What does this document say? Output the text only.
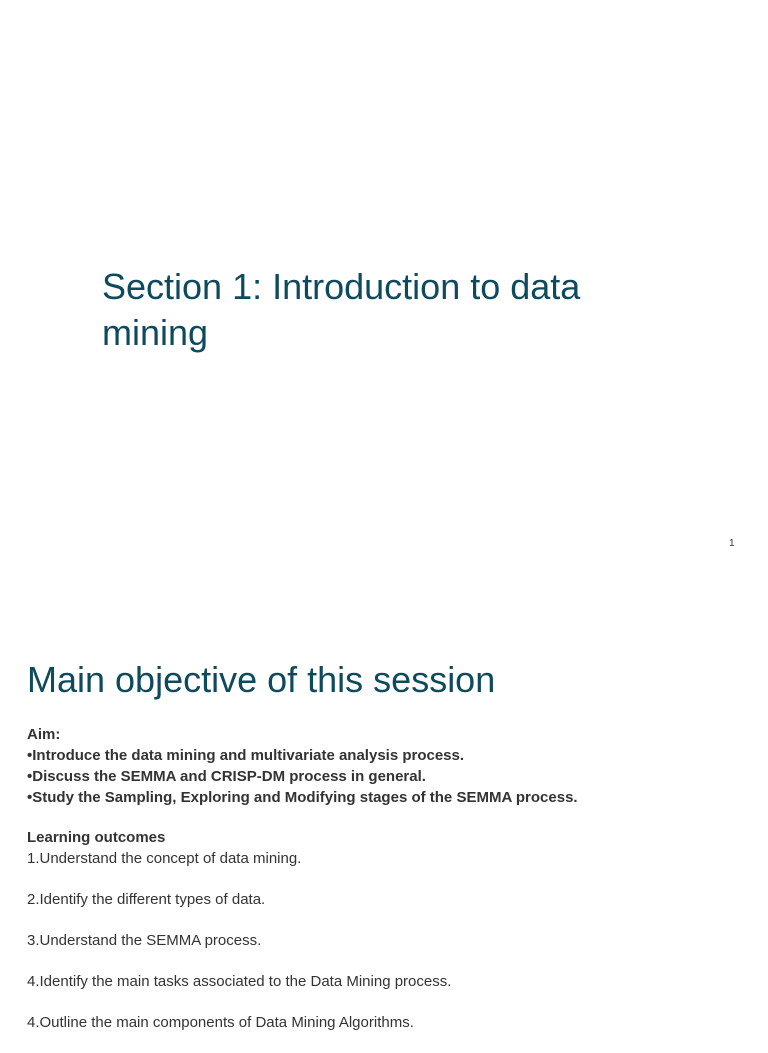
Section 1: Introduction to data mining
1
Main objective of this session
Aim:
•Introduce the data mining and multivariate analysis process.
•Discuss the SEMMA and CRISP-DM process in general.
•Study the Sampling, Exploring and Modifying stages of the SEMMA process.
Learning outcomes
1.Understand the concept of data mining.
2.Identify the different types of data.
3.Understand the SEMMA process.
4.Identify the main tasks associated to the Data Mining process.
4.Outline the main components of Data Mining Algorithms.
